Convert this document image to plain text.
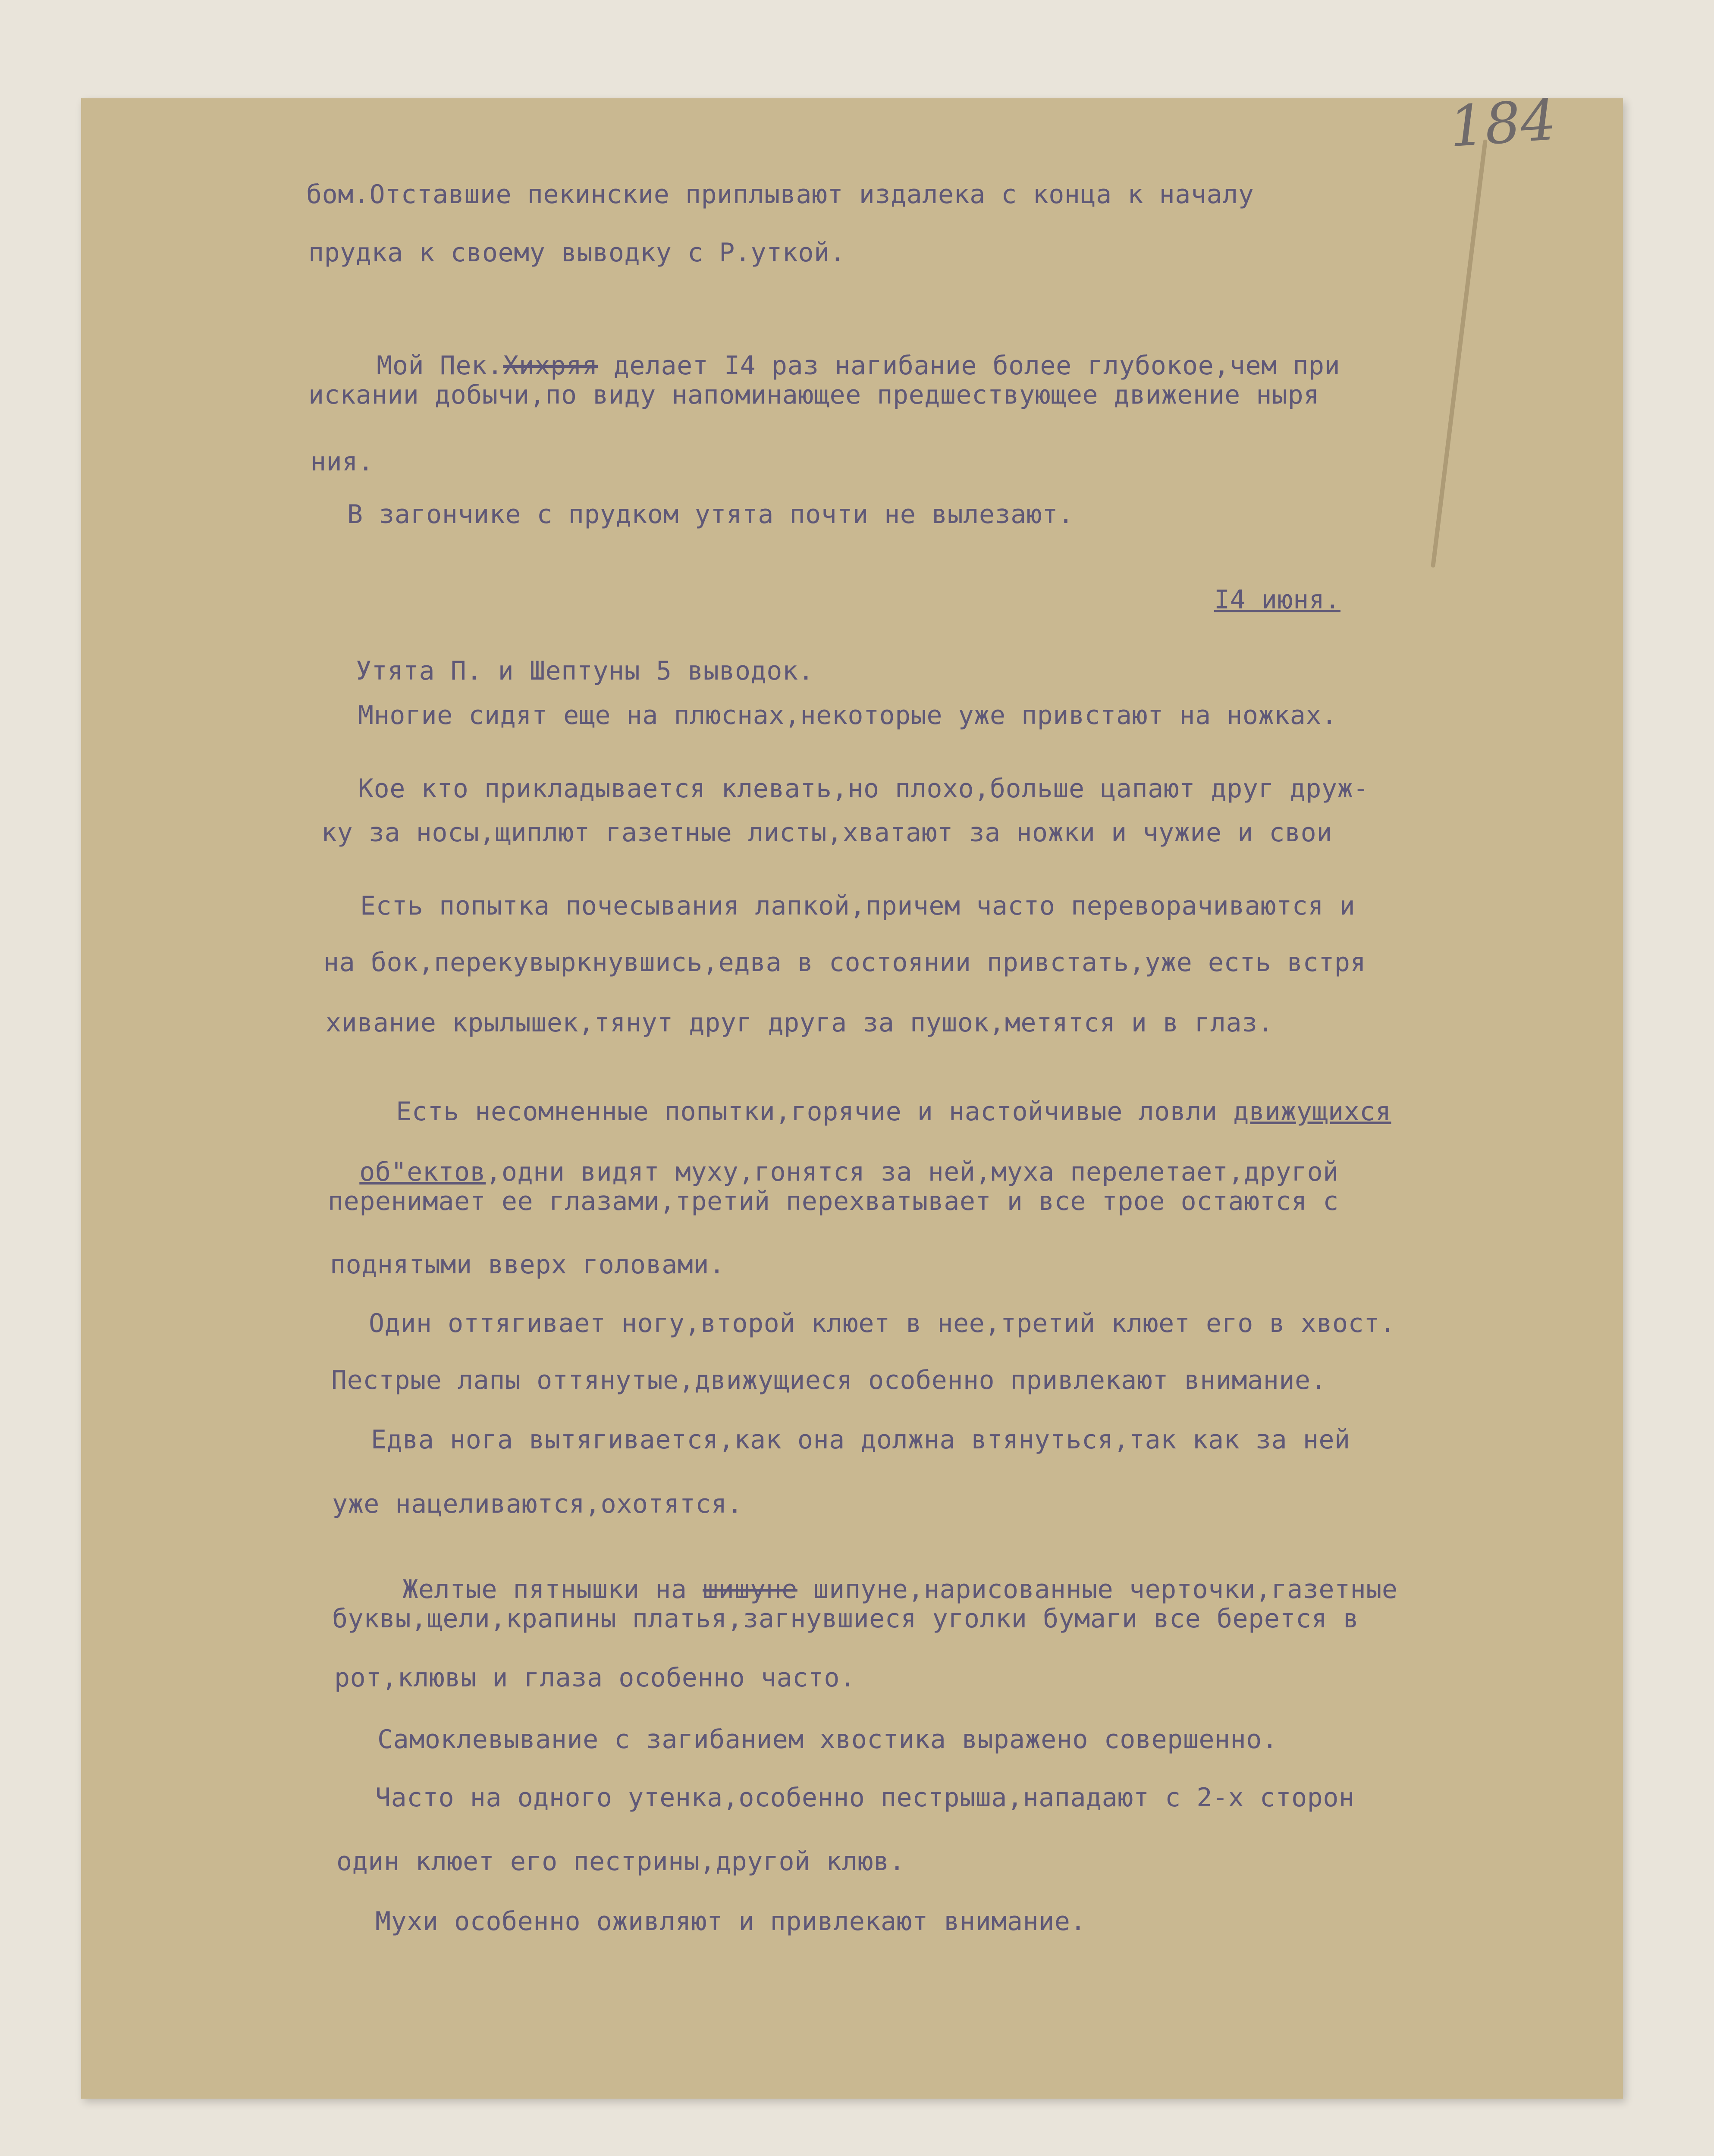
184

бом.Отставшие пекинские приплывают издалека с конца к началу

прудка к своему выводку с Р.уткой.

Мой Пек.Хихряя делает I4 раз нагибание более глубокое,чем при

искании добычи,по виду напоминающее предшествующее движение ныря

ния.

В загончике с прудком утята почти не вылезают.

I4 июня.

Утята П. и Шептуны 5 выводок.

Многие сидят еще на плюснах,некоторые уже привстают на ножках.

Кое кто прикладывается клевать,но плохо,больше цапают друг друж-

ку за носы,щиплют газетные листы,хватают за ножки и чужие и свои

Есть попытка почесывания лапкой,причем часто переворачиваются и

на бок,перекувыркнувшись,едва в состоянии привстать,уже есть встря

хивание крылышек,тянут друг друга за пушок,метятся и в глаз.

Есть несомненные попытки,горячие и настойчивые ловли движущихся

об"ектов,одни видят муху,гонятся за ней,муха перелетает,другой

перенимает ее глазами,третий перехватывает и все трое остаются с

поднятыми вверх головами.

Один оттягивает ногу,второй клюет в нее,третий клюет его в хвост.

Пестрые лапы оттянутые,движущиеся особенно привлекают внимание.

Едва нога вытягивается,как она должна втянуться,так как за ней

уже нацеливаются,охотятся.

Желтые пятнышки на шишуне шипуне,нарисованные черточки,газетные

буквы,щели,крапины платья,загнувшиеся уголки бумаги все берется в

рот,клювы и глаза особенно часто.

Самоклевывание с загибанием хвостика выражено совершенно.

Часто на одного утенка,особенно пестрыша,нападают с 2-х сторон

один клюет его пестрины,другой клюв.

Мухи особенно оживляют и привлекают внимание.
